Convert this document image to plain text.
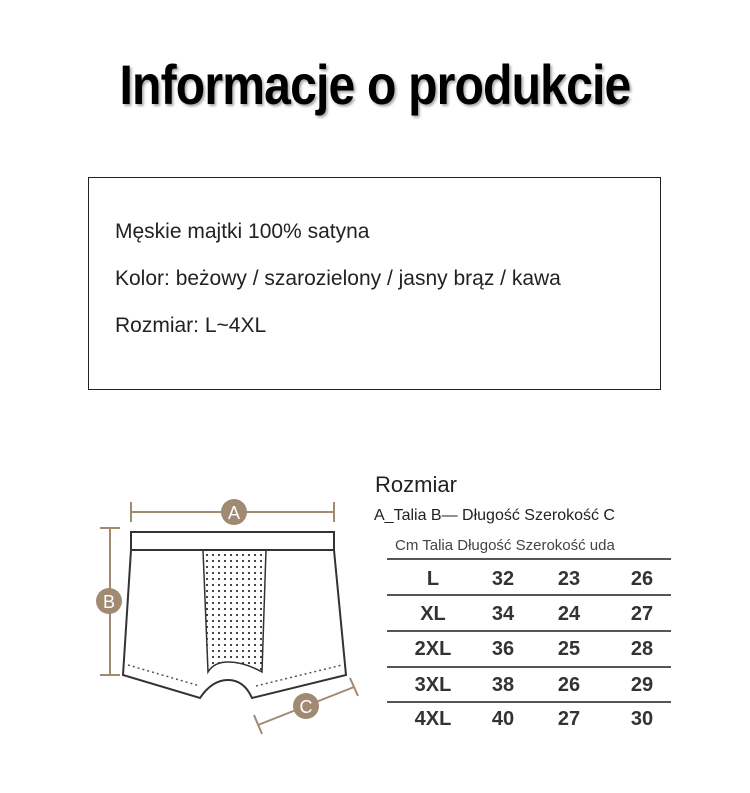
Informacje o produkcie
Męskie majtki 100% satyna
Kolor: beżowy / szarozielony / jasny brąz / kawa
Rozmiar: L~4XL
A
B
C
Rozmiar
A_Talia B— Długość Szerokość C
Cm Talia Długość Szerokość uda
L	32	23	26
XL	34	24	27
2XL	36	25	28
3XL	38	26	29
4XL	40	27	30
